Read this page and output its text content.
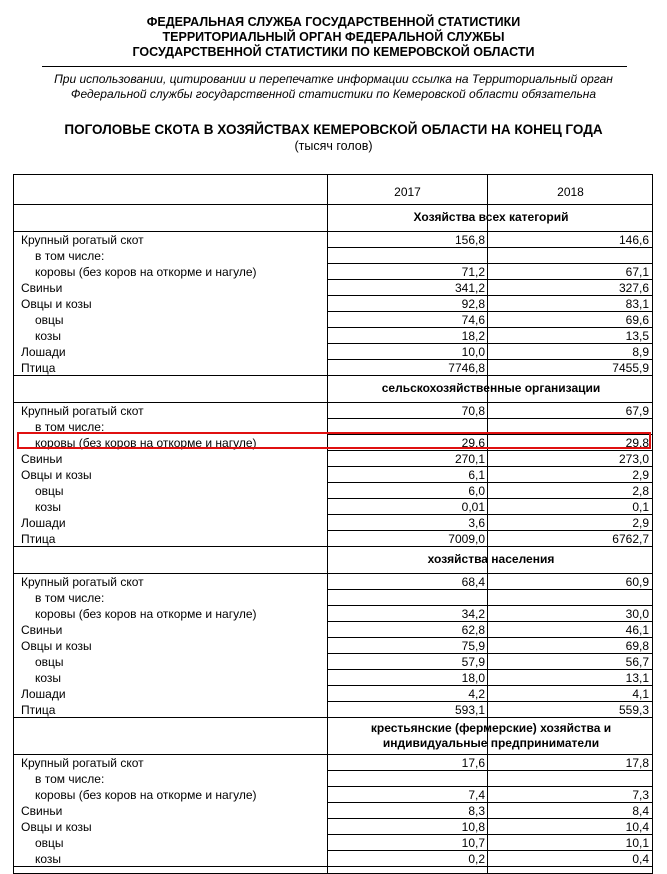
ФЕДЕРАЛЬНАЯ СЛУЖБА ГОСУДАРСТВЕННОЙ СТАТИСТИКИ
ТЕРРИТОРИАЛЬНЫЙ ОРГАН ФЕДЕРАЛЬНОЙ СЛУЖБЫ
ГОСУДАРСТВЕННОЙ СТАТИСТИКИ ПО КЕМЕРОВСКОЙ ОБЛАСТИ
При использовании, цитировании и перепечатке информации ссылка на Территориальный орган
Федеральной службы государственной статистики по Кемеровской области обязательна
ПОГОЛОВЬЕ СКОТА В ХОЗЯЙСТВАХ КЕМЕРОВСКОЙ ОБЛАСТИ НА КОНЕЦ ГОДА
(тысяч голов)
2017	2018
Хозяйства всех категорий
Крупный рогатый скот	156,8	146,6
в том числе:
коровы (без коров на откорме и нагуле)	71,2	67,1
Свиньи	341,2	327,6
Овцы и козы	92,8	83,1
овцы	74,6	69,6
козы	18,2	13,5
Лошади	10,0	8,9
Птица	7746,8	7455,9
сельскохозяйственные организации
Крупный рогатый скот	70,8	67,9
в том числе:
коровы (без коров на откорме и нагуле)	29,6	29,8
Свиньи	270,1	273,0
Овцы и козы	6,1	2,9
овцы	6,0	2,8
козы	0,01	0,1
Лошади	3,6	2,9
Птица	7009,0	6762,7
хозяйства населения
Крупный рогатый скот	68,4	60,9
в том числе:
коровы (без коров на откорме и нагуле)	34,2	30,0
Свиньи	62,8	46,1
Овцы и козы	75,9	69,8
овцы	57,9	56,7
козы	18,0	13,1
Лошади	4,2	4,1
Птица	593,1	559,3
крестьянские (фермерские) хозяйства и
индивидуальные предприниматели
Крупный рогатый скот	17,6	17,8
в том числе:
коровы (без коров на откорме и нагуле)	7,4	7,3
Свиньи	8,3	8,4
Овцы и козы	10,8	10,4
овцы	10,7	10,1
козы	0,2	0,4
